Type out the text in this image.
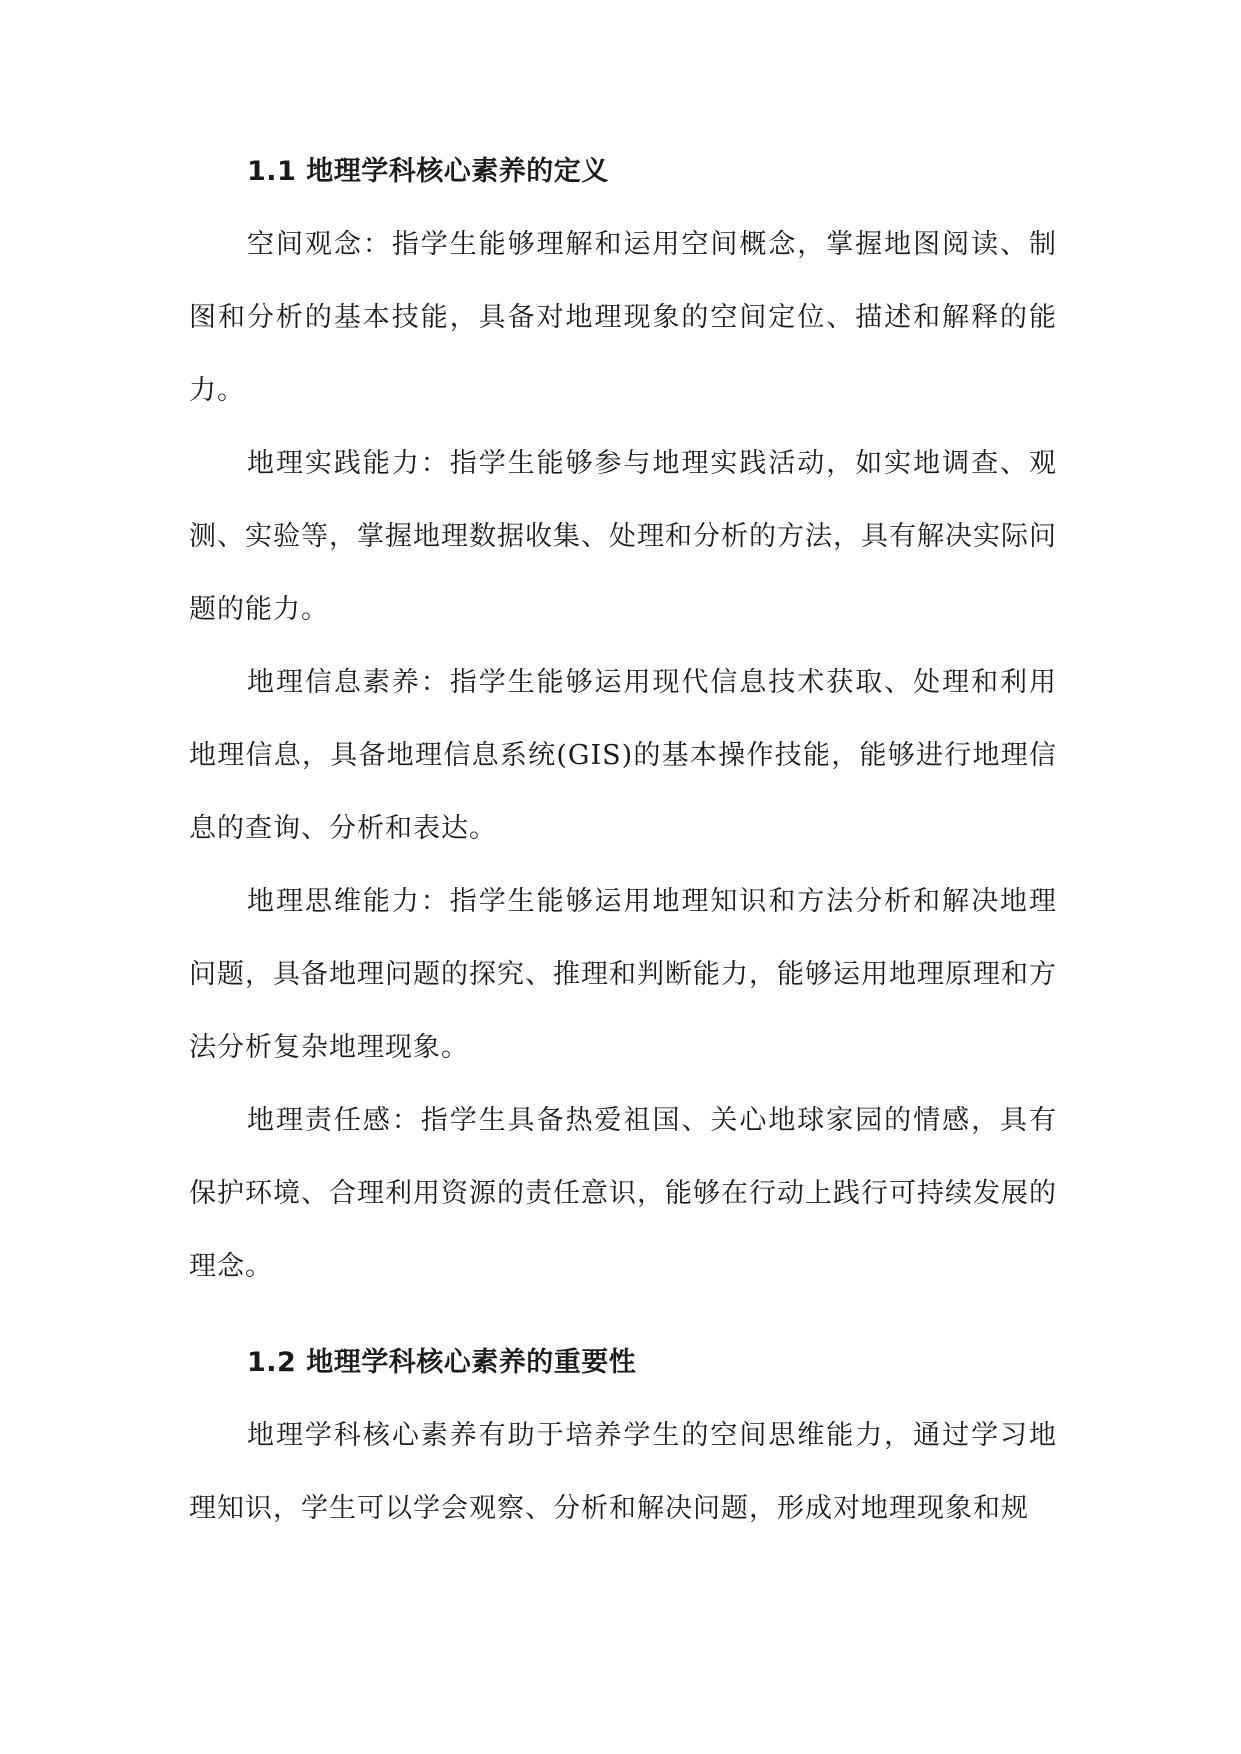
1.1 地理学科核心素养的定义

空间观念：指学生能够理解和运用空间概念，掌握地图阅读、制图和分析的基本技能，具备对地理现象的空间定位、描述和解释的能力。

地理实践能力：指学生能够参与地理实践活动，如实地调查、观测、实验等，掌握地理数据收集、处理和分析的方法，具有解决实际问题的能力。

地理信息素养：指学生能够运用现代信息技术获取、处理和利用地理信息，具备地理信息系统(GIS)的基本操作技能，能够进行地理信息的查询、分析和表达。

地理思维能力：指学生能够运用地理知识和方法分析和解决地理问题，具备地理问题的探究、推理和判断能力，能够运用地理原理和方法分析复杂地理现象。

地理责任感：指学生具备热爱祖国、关心地球家园的情感，具有保护环境、合理利用资源的责任意识，能够在行动上践行可持续发展的理念。

1.2 地理学科核心素养的重要性

地理学科核心素养有助于培养学生的空间思维能力，通过学习地理知识，学生可以学会观察、分析和解决问题，形成对地理现象和规
